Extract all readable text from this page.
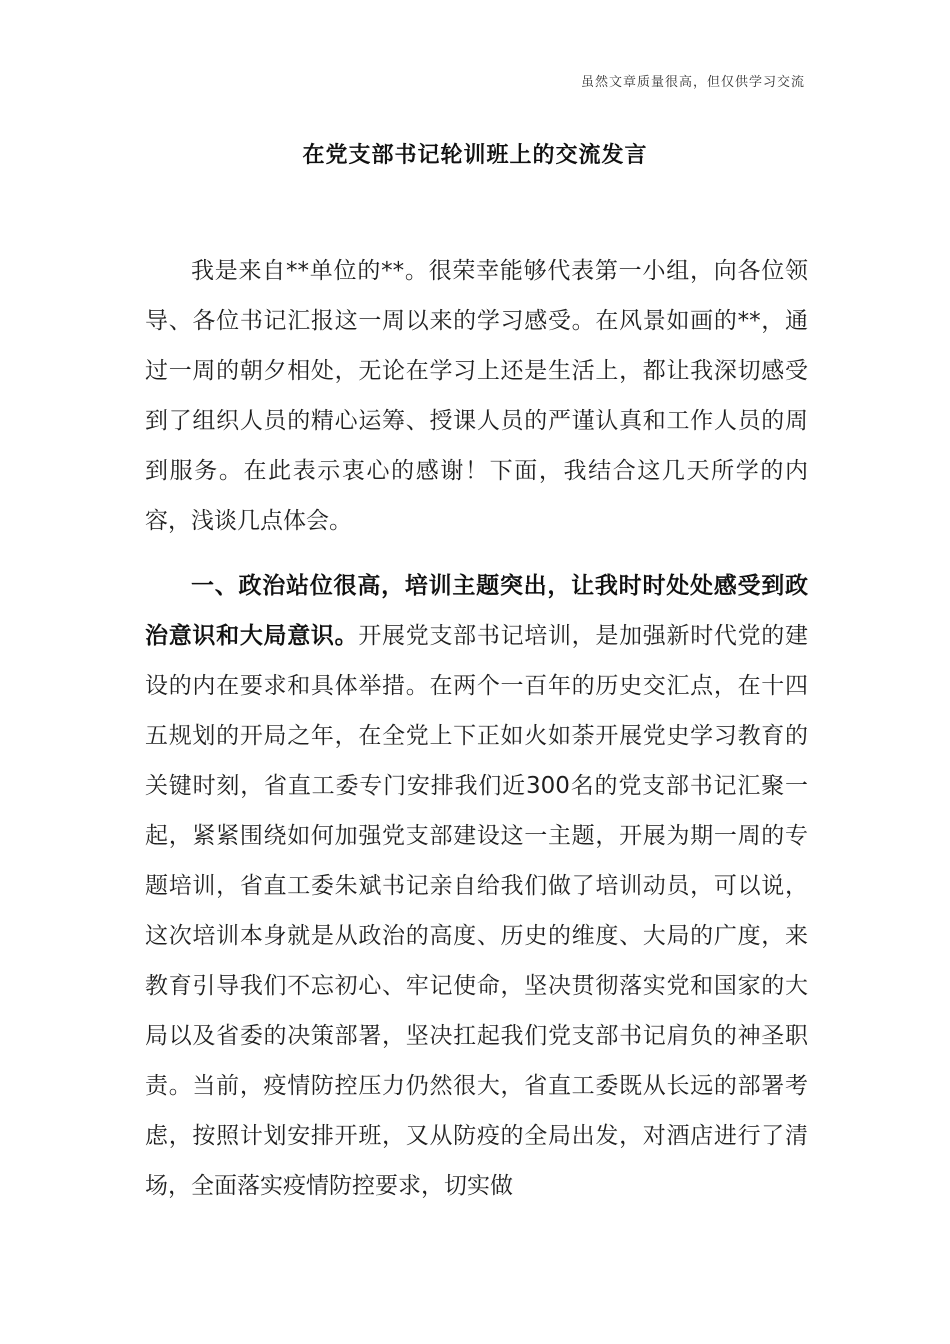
虽然文章质量很高，但仅供学习交流
在党支部书记轮训班上的交流发言

我是来自**单位的**。很荣幸能够代表第一小组，向各位领导、各位书记汇报这一周以来的学习感受。在风景如画的**，通过一周的朝夕相处，无论在学习上还是生活上，都让我深切感受到了组织人员的精心运筹、授课人员的严谨认真和工作人员的周到服务。在此表示衷心的感谢！下面，我结合这几天所学的内容，浅谈几点体会。

一、政治站位很高，培训主题突出，让我时时处处感受到政治意识和大局意识。开展党支部书记培训，是加强新时代党的建设的内在要求和具体举措。在两个一百年的历史交汇点，在十四五规划的开局之年，在全党上下正如火如荼开展党史学习教育的关键时刻，省直工委专门安排我们近300名的党支部书记汇聚一起，紧紧围绕如何加强党支部建设这一主题，开展为期一周的专题培训，省直工委朱斌书记亲自给我们做了培训动员，可以说，这次培训本身就是从政治的高度、历史的维度、大局的广度，来教育引导我们不忘初心、牢记使命，坚决贯彻落实党和国家的大局以及省委的决策部署，坚决扛起我们党支部书记肩负的神圣职责。当前，疫情防控压力仍然很大，省直工委既从长远的部署考虑，按照计划安排开班，又从防疫的全局出发，对酒店进行了清场，全面落实疫情防控要求，切实做
